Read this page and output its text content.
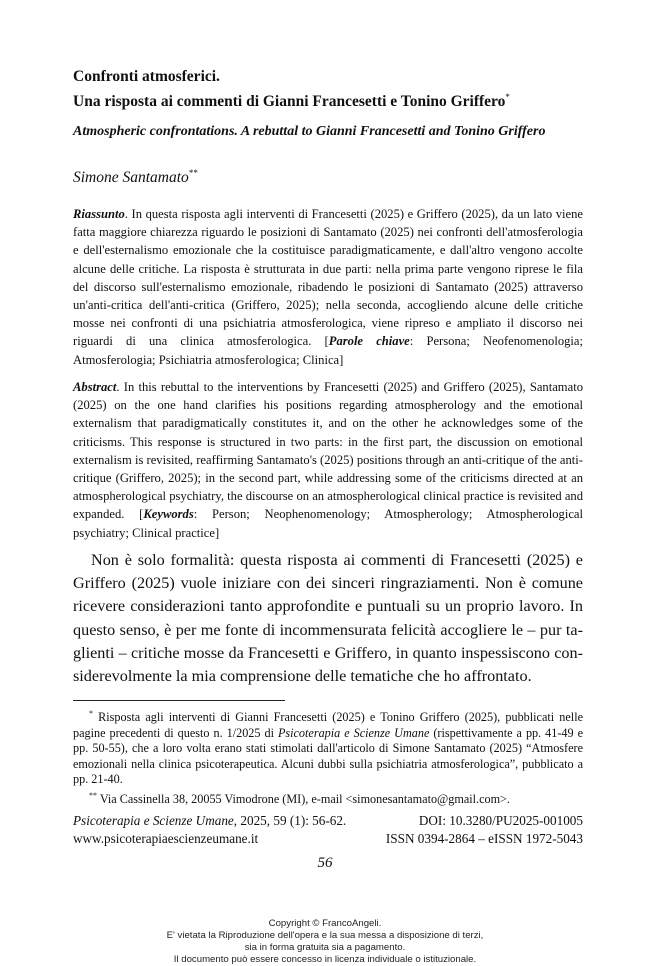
Confronti atmosferici.
Una risposta ai commenti di Gianni Francesetti e Tonino Griffero*
Atmospheric confrontations. A rebuttal to Gianni Francesetti and Tonino Griffero
Simone Santamato**
Riassunto. In questa risposta agli interventi di Francesetti (2025) e Griffero (2025), da un lato viene fatta maggiore chiarezza riguardo le posizioni di Santamato (2025) nei confronti dell'atmosferologia e dell'esternalismo emozionale che la costituisce paradigmaticamente, e dall'altro vengono accolte alcune delle critiche. La risposta è strutturata in due parti: nella prima parte vengono riprese le fila del discorso sull'esternalismo emozionale, ribadendo le posizioni di Santamato (2025) attraverso un'anti-critica dell'anti-critica (Griffero, 2025); nella seconda, accogliendo alcune delle critiche mosse nei confronti di una psichiatria atmosferologica, viene ripreso e ampliato il discorso nei riguardi di una clinica atmosferologica. [Parole chiave: Persona; Neofenomenologia; Atmosferologia; Psichiatria atmosferologica; Clinica]
Abstract. In this rebuttal to the interventions by Francesetti (2025) and Griffero (2025), Santamato (2025) on the one hand clarifies his positions regarding atmospherology and the emotional externalism that paradigmatically constitutes it, and on the other he acknowledges some of the criticisms. This response is structured in two parts: in the first part, the discussion on emotional externalism is revisited, reaffirming Santamato's (2025) positions through an anti-critique of the anti-critique (Griffero, 2025); in the second part, while addressing some of the criticisms directed at an atmospherological psychiatry, the discourse on an atmospherological clinical practice is revisited and expanded. [Keywords: Person; Neophenomenology; Atmospherology; Atmospherological psychiatry; Clinical practice]
Non è solo formalità: questa risposta ai commenti di Francesetti (2025) e Griffero (2025) vuole iniziare con dei sinceri ringraziamenti. Non è comune ricevere considerazioni tanto approfondite e puntuali su un proprio lavoro. In questo senso, è per me fonte di incommensurata felicità accogliere le – pur taglienti – critiche mosse da Francesetti e Griffero, in quanto inspessiscono considerevolmente la mia comprensione delle tematiche che ho affrontato.

* Risposta agli interventi di Gianni Francesetti (2025) e Tonino Griffero (2025), pubblicati nelle pagine precedenti di questo n. 1/2025 di Psicoterapia e Scienze Umane (rispettivamente a pp. 41-49 e pp. 50-55), che a loro volta erano stati stimolati dall'articolo di Simone Santamato (2025) “Atmosfere emozionali nella clinica psicoterapeutica. Alcuni dubbi sulla psichiatria atmosferologica”, pubblicato a pp. 21-40.

** Via Cassinella 38, 20055 Vimodrone (MI), e-mail <simonesantamato@gmail.com>.

Psicoterapia e Scienze Umane, 2025, 59 (1): 56-62.	DOI: 10.3280/PU2025-001005
www.psicoterapiaescienzeumane.it	ISSN 0394-2864 – eISSN 1972-5043
56
Copyright © FrancoAngeli.
E' vietata la Riproduzione dell'opera e la sua messa a disposizione di terzi,
sia in forma gratuita sia a pagamento.
Il documento può essere concesso in licenza individuale o istituzionale.
